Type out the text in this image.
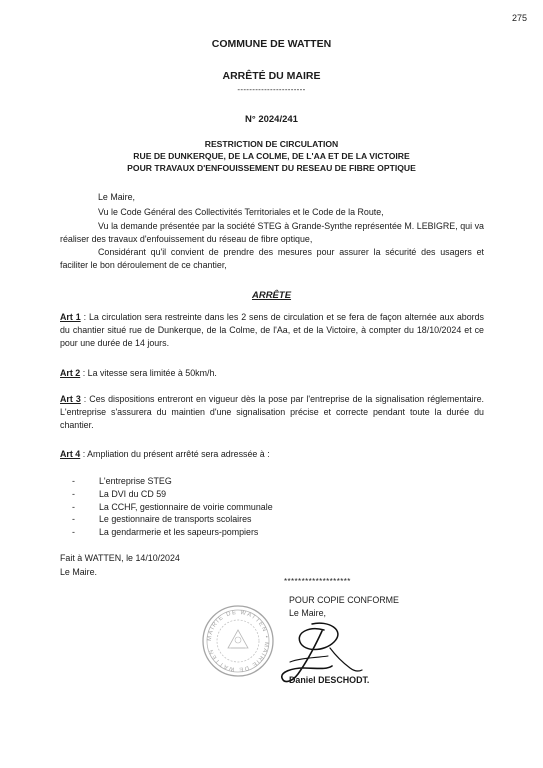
275
COMMUNE DE WATTEN
ARRÊTÉ DU MAIRE
-----------------------
N° 2024/241
RESTRICTION DE CIRCULATION
RUE DE DUNKERQUE, DE LA COLME, DE L'AA ET DE LA VICTOIRE
POUR TRAVAUX D'ENFOUISSEMENT DU RESEAU DE FIBRE OPTIQUE
Le Maire,
Vu le Code Général des Collectivités Territoriales et le Code de la Route,
Vu la demande présentée par la société STEG à Grande-Synthe représentée M. LEBIGRE, qui va réaliser des travaux d'enfouissement du réseau de fibre optique,
Considérant qu'il convient de prendre des mesures pour assurer la sécurité des usagers et faciliter le bon déroulement de ce chantier,
ARRÊTE
Art 1 : La circulation sera restreinte dans les 2 sens de circulation et se fera de façon alternée aux abords du chantier situé rue de Dunkerque, de la Colme, de l'Aa, et de la Victoire, à compter du 18/10/2024 et ce pour une durée de 14 jours.
Art 2 : La vitesse sera limitée à 50km/h.
Art 3 : Ces dispositions entreront en vigueur dès la pose par l'entreprise de la signalisation réglementaire. L'entreprise s'assurera du maintien d'une signalisation précise et correcte pendant toute la durée du chantier.
Art 4 : Ampliation du présent arrêté sera adressée à :
-	L'entreprise STEG
-	La DVI du CD 59
-	La CCHF, gestionnaire de voirie communale
-	Le gestionnaire de transports scolaires
-	La gendarmerie et les sapeurs-pompiers
Fait à WATTEN, le 14/10/2024
Le Maire.
*******************
POUR COPIE CONFORME
Le Maire,
MAIRIE DE WATTEN • MAIRIE DE WATTEN
Daniel DESCHODT.
